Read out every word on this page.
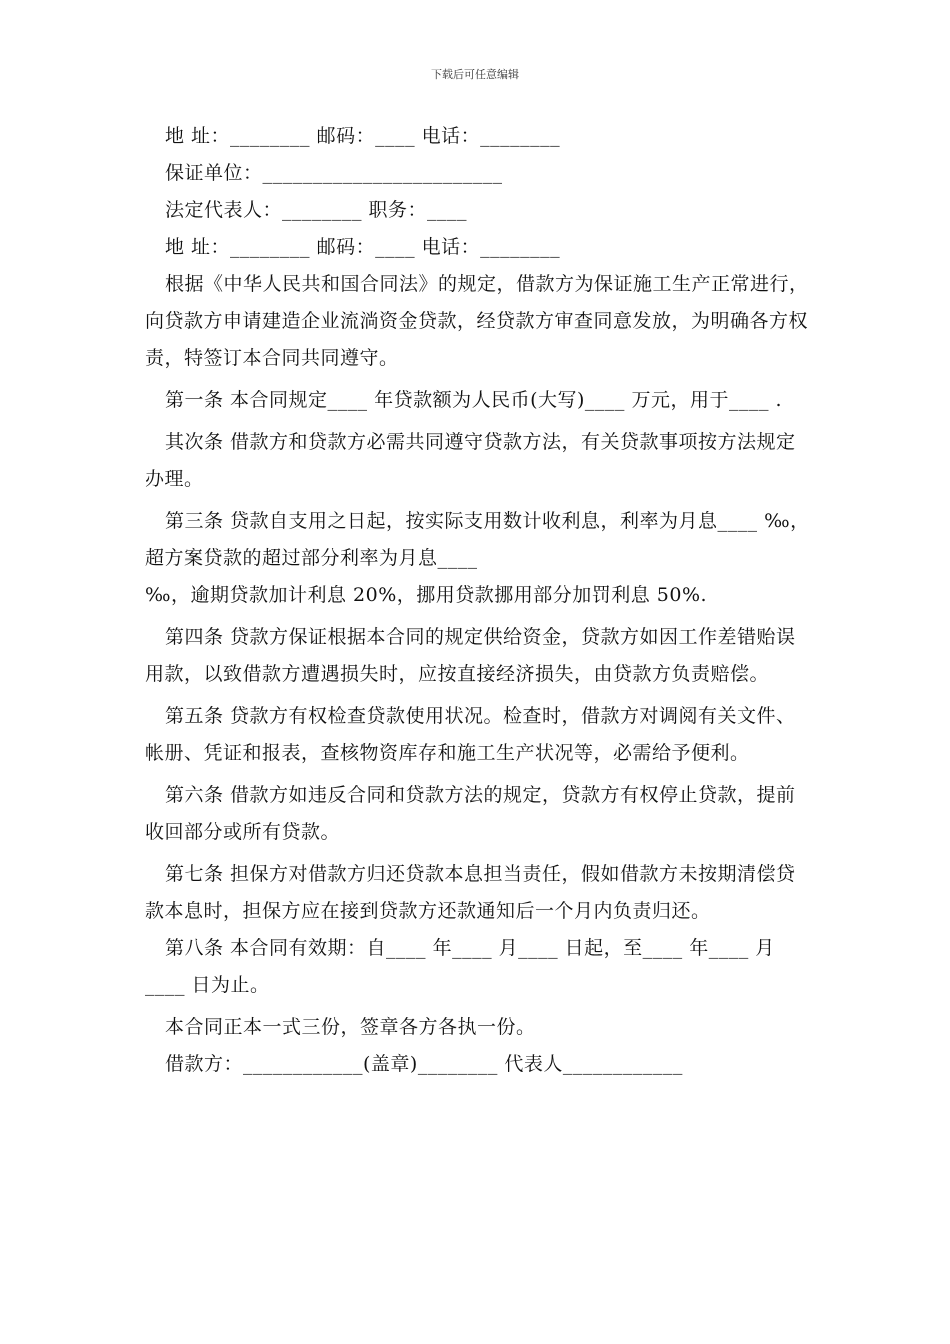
下载后可任意编辑

地 址：________ 邮码：____ 电话：________

保证单位：________________________

法定代表人：________ 职务：____

地 址：________ 邮码：____ 电话：________

根据《中华人民共和国合同法》的规定，借款方为保证施工生产正常进行，向贷款方申请建造企业流淌资金贷款，经贷款方审查同意发放，为明确各方权责，特签订本合同共同遵守。

第一条 本合同规定____ 年贷款额为人民币(大写)____ 万元，用于____ .

其次条 借款方和贷款方必需共同遵守贷款方法，有关贷款事项按方法规定办理。

第三条 贷款自支用之日起，按实际支用数计收利息，利率为月息____ ‰，超方案贷款的超过部分利率为月息____

‰，逾期贷款加计利息 20%，挪用贷款挪用部分加罚利息 50%.

第四条 贷款方保证根据本合同的规定供给资金，贷款方如因工作差错贻误用款，以致借款方遭遇损失时，应按直接经济损失，由贷款方负责赔偿。

第五条 贷款方有权检查贷款使用状况。检查时，借款方对调阅有关文件、帐册、凭证和报表，查核物资库存和施工生产状况等，必需给予便利。

第六条 借款方如违反合同和贷款方法的规定，贷款方有权停止贷款，提前收回部分或所有贷款。

第七条 担保方对借款方归还贷款本息担当责任，假如借款方未按期清偿贷款本息时，担保方应在接到贷款方还款通知后一个月内负责归还。

第八条 本合同有效期：自____ 年____ 月____ 日起，至____ 年____ 月____ 日为止。

本合同正本一式三份，签章各方各执一份。

借款方：____________(盖章)________ 代表人____________
